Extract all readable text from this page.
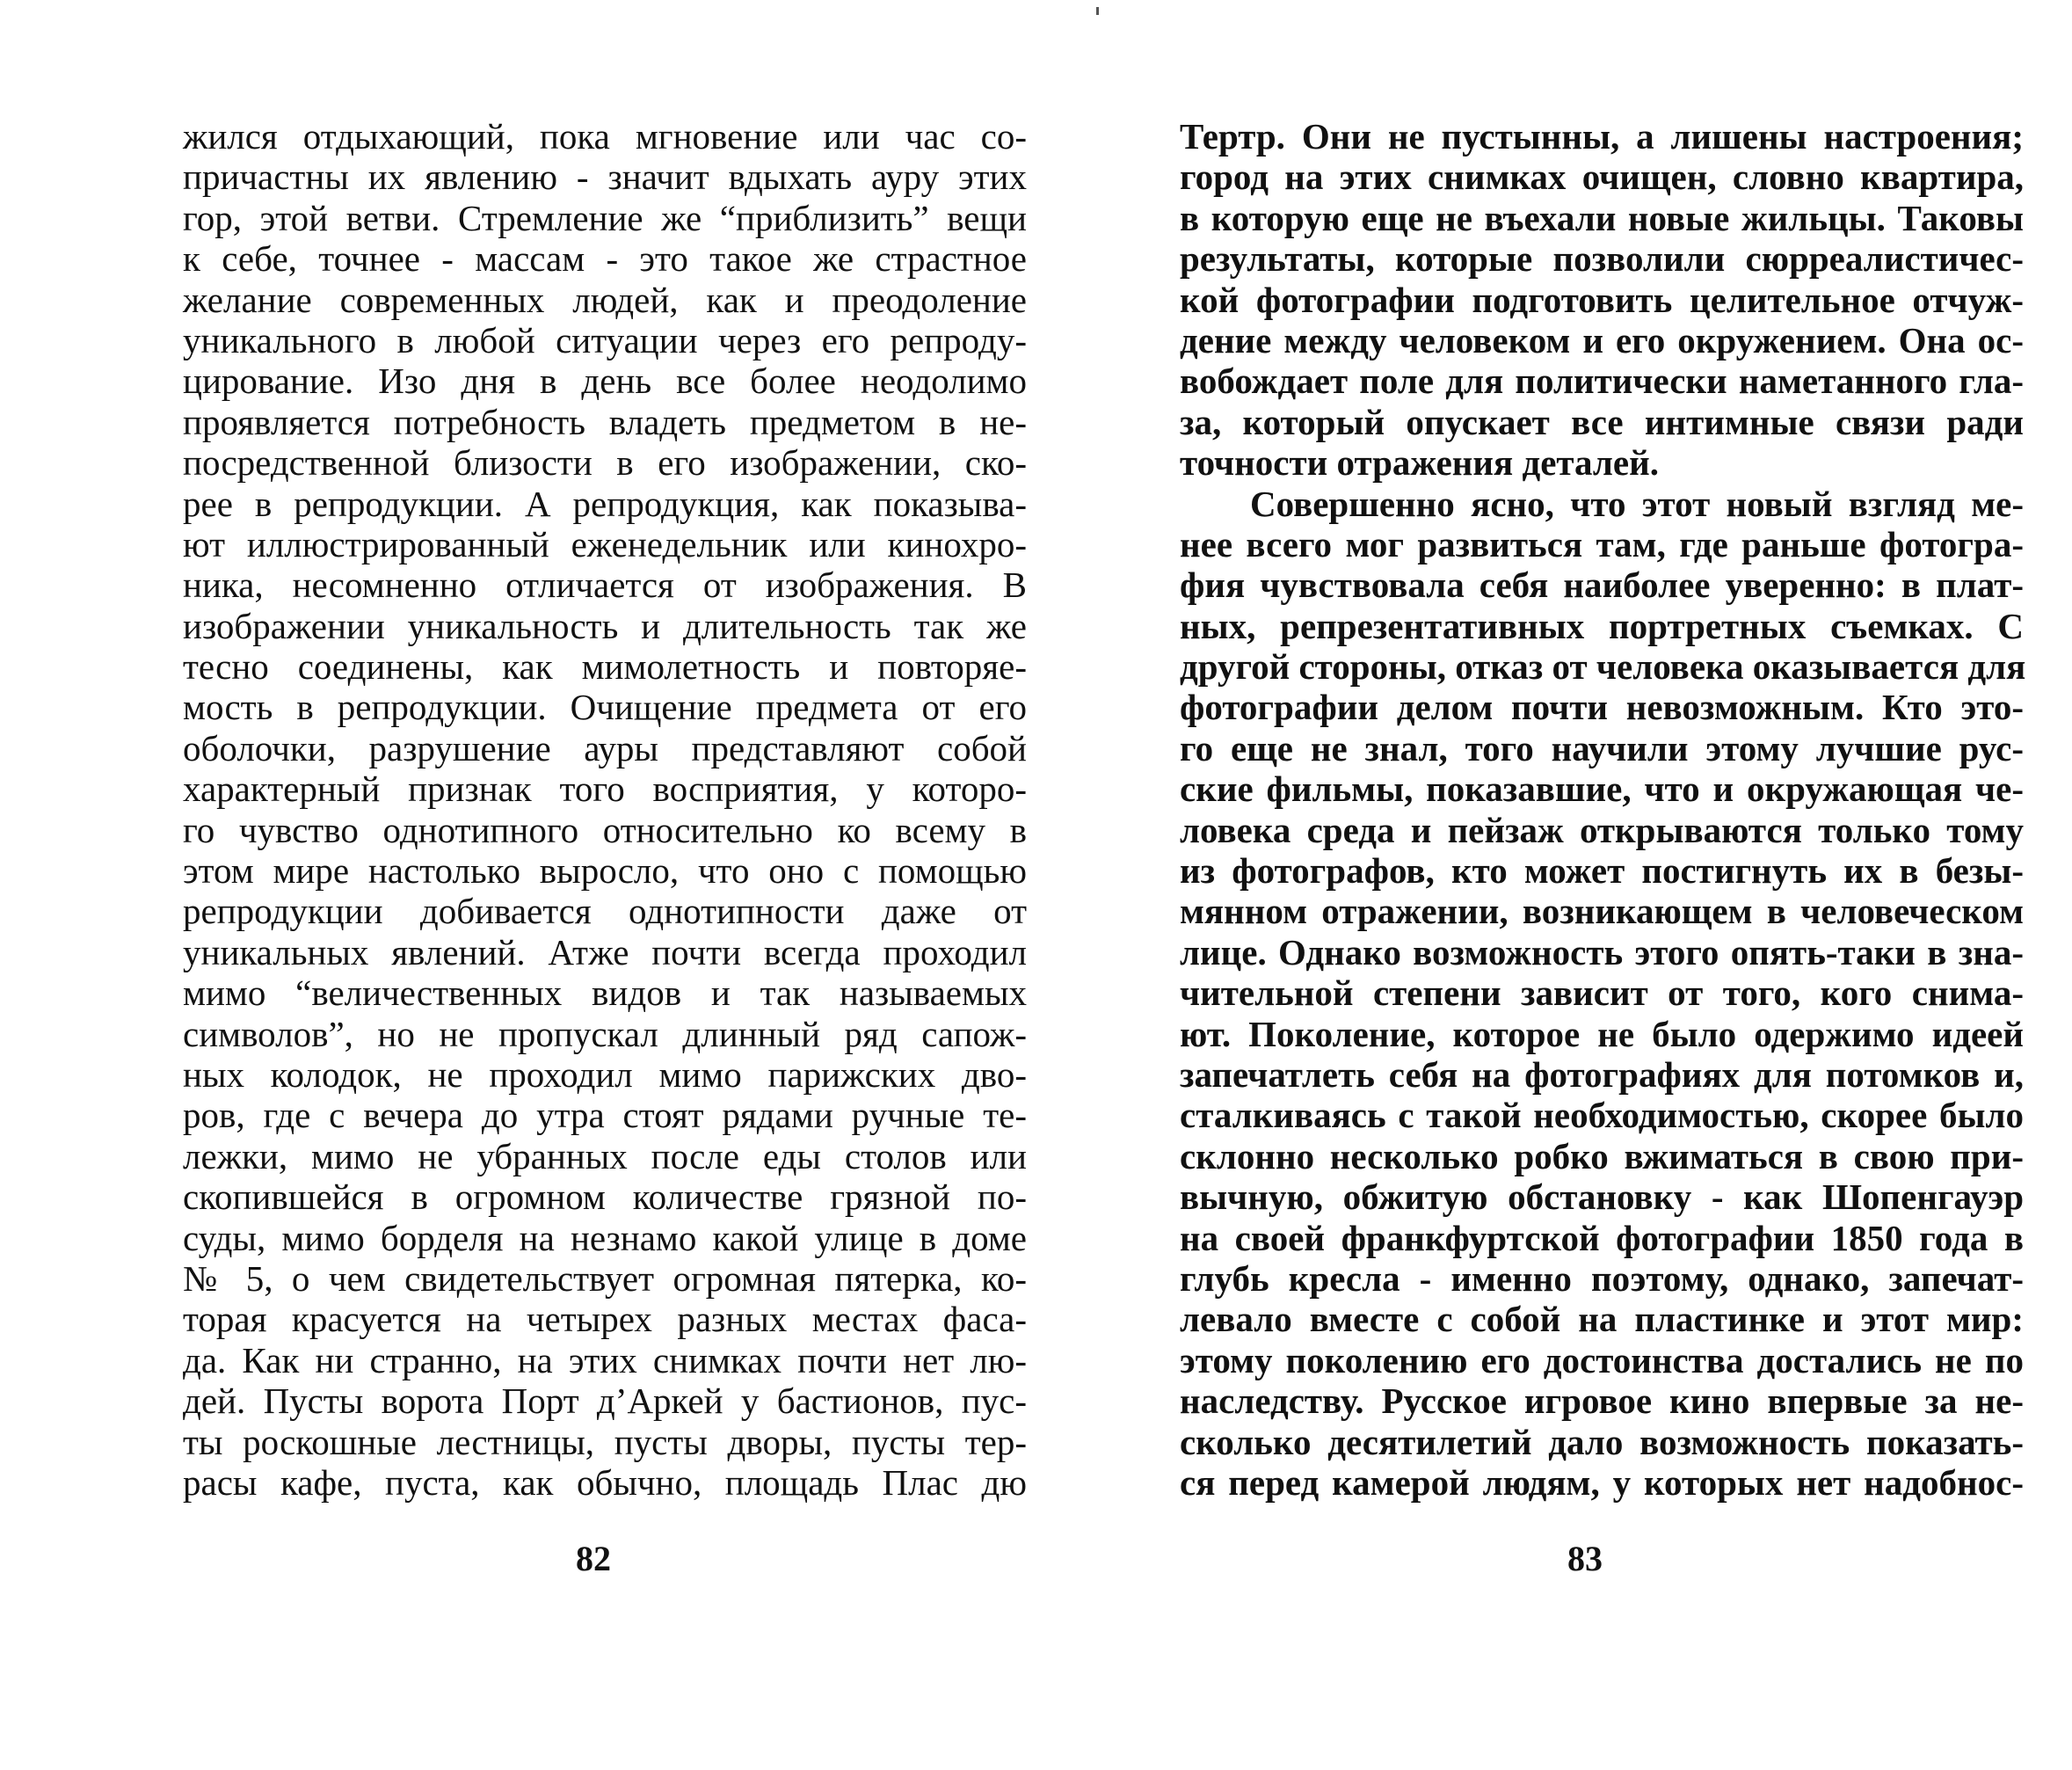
жился отдыхающий, пока мгновение или час со-
причастны их явлению - значит вдыхать ауру этих
гор, этой ветви. Стремление же “приблизить” вещи
к себе, точнее - массам - это такое же страстное
желание современных людей, как и преодоление
уникального в любой ситуации через его репроду-
цирование. Изо дня в день все более неодолимо
проявляется потребность владеть предметом в не-
посредственной близости в его изображении, ско-
рее в репродукции. А репродукция, как показыва-
ют иллюстрированный еженедельник или кинохро-
ника, несомненно отличается от изображения. В
изображении уникальность и длительность так же
тесно соединены, как мимолетность и повторяе-
мость в репродукции. Очищение предмета от его
оболочки, разрушение ауры представляют собой
характерный признак того восприятия, у которо-
го чувство однотипного относительно ко всему в
этом мире настолько выросло, что оно с помощью
репродукции добивается однотипности даже от
уникальных явлений. Атже почти всегда проходил
мимо “величественных видов и так называемых
символов”, но не пропускал длинный ряд сапож-
ных колодок, не проходил мимо парижских дво-
ров, где с вечера до утра стоят рядами ручные те-
лежки, мимо не убранных после еды столов или
скопившейся в огромном количестве грязной по-
суды, мимо борделя на незнамо какой улице в доме
№ 5, о чем свидетельствует огромная пятерка, ко-
торая красуется на четырех разных местах фаса-
да. Как ни странно, на этих снимках почти нет лю-
дей. Пусты ворота Порт д’Аркей у бастионов, пус-
ты роскошные лестницы, пусты дворы, пусты тер-
расы кафе, пуста, как обычно, площадь Плас дю
82
Тертр. Они не пустынны, а лишены настроения;
город на этих снимках очищен, словно квартира,
в которую еще не въехали новые жильцы. Таковы
результаты, которые позволили сюрреалистичес-
кой фотографии подготовить целительное отчуж-
дение между человеком и его окружением. Она ос-
вобождает поле для политически наметанного гла-
за, который опускает все интимные связи ради
точности отражения деталей.
Совершенно ясно, что этот новый взгляд ме-
нее всего мог развиться там, где раньше фотогра-
фия чувствовала себя наиболее уверенно: в плат-
ных, репрезентативных портретных съемках. С
другой стороны, отказ от человека оказывается для
фотографии делом почти невозможным. Кто это-
го еще не знал, того научили этому лучшие рус-
ские фильмы, показавшие, что и окружающая че-
ловека среда и пейзаж открываются только тому
из фотографов, кто может постигнуть их в безы-
мянном отражении, возникающем в человеческом
лице. Однако возможность этого опять-таки в зна-
чительной степени зависит от того, кого снима-
ют. Поколение, которое не было одержимо идеей
запечатлеть себя на фотографиях для потомков и,
сталкиваясь с такой необходимостью, скорее было
склонно несколько робко вжиматься в свою при-
вычную, обжитую обстановку - как Шопенгауэр
на своей франкфуртской фотографии 1850 года в
глубь кресла - именно поэтому, однако, запечат-
левало вместе с собой на пластинке и этот мир:
этому поколению его достоинства достались не по
наследству. Русское игровое кино впервые за не-
сколько десятилетий дало возможность показать-
ся перед камерой людям, у которых нет надобнос-
83
